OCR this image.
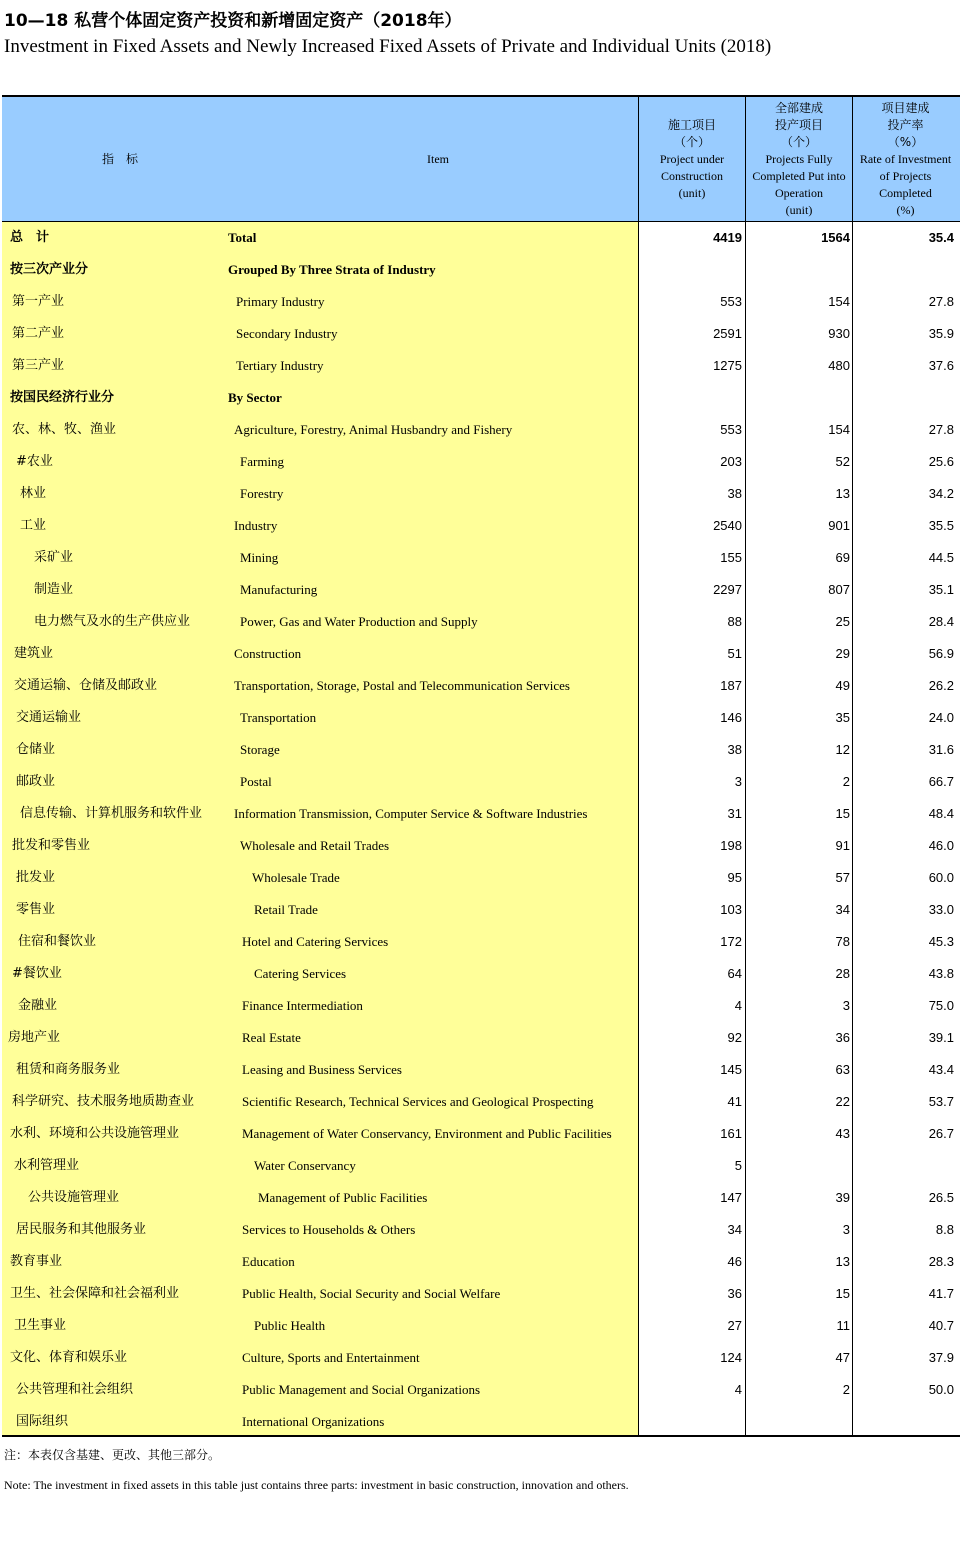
10—18 私营个体固定资产投资和新增固定资产（2018年）
Investment in Fixed Assets and Newly Increased Fixed Assets of Private and Individual Units (2018)
指　标	Item
施工项目
（个）
Project under
Construction
(unit)
全部建成
投产项目
（个）
Projects Fully
Completed Put into
Operation
(unit)
项目建成
投产率
（%）
Rate of Investment
of Projects
Completed
(%)
总　计	Total	4419	1564	35.4
按三次产业分	Grouped By Three Strata of Industry
第一产业	Primary Industry	553	154	27.8
第二产业	Secondary Industry	2591	930	35.9
第三产业	Tertiary Industry	1275	480	37.6
按国民经济行业分	By Sector
农、林、牧、渔业	Agriculture, Forestry, Animal Husbandry and Fishery	553	154	27.8
#农业	Farming	203	52	25.6
林业	Forestry	38	13	34.2
工业	Industry	2540	901	35.5
采矿业	Mining	155	69	44.5
制造业	Manufacturing	2297	807	35.1
电力燃气及水的生产供应业	Power, Gas and Water Production and Supply	88	25	28.4
建筑业	Construction	51	29	56.9
交通运输、仓储及邮政业	Transportation, Storage, Postal and Telecommunication Services	187	49	26.2
交通运输业	Transportation	146	35	24.0
仓储业	Storage	38	12	31.6
邮政业	Postal	3	2	66.7
信息传输、计算机服务和软件业 Information Transmission, Computer Service & Software Industries	31	15	48.4
批发和零售业	Wholesale and Retail Trades	198	91	46.0
批发业	Wholesale Trade	95	57	60.0
零售业	Retail Trade	103	34	33.0
住宿和餐饮业	Hotel and Catering Services	172	78	45.3
#餐饮业	Catering Services	64	28	43.8
金融业	Finance Intermediation	4	3	75.0
房地产业	Real Estate	92	36	39.1
租赁和商务服务业	Leasing and Business Services	145	63	43.4
科学研究、技术服务地质勘查业	Scientific Research, Technical Services and Geological Prospecting	41	22	53.7
水利、环境和公共设施管理业	Management of Water Conservancy, Environment and Public Facilities	161	43	26.7
水利管理业	Water Conservancy	5
公共设施管理业	Management of Public Facilities	147	39	26.5
居民服务和其他服务业	Services to Households & Others	34	3	8.8
教育事业	Education	46	13	28.3
卫生、社会保障和社会福利业	Public Health, Social Security and Social Welfare	36	15	41.7
卫生事业	Public Health	27	11	40.7
文化、体育和娱乐业	Culture, Sports and Entertainment	124	47	37.9
公共管理和社会组织	Public Management and Social Organizations	4	2	50.0
国际组织	International Organizations
注：本表仅含基建、更改、其他三部分。
Note: The investment in fixed assets in this table just contains three parts: investment in basic construction, innovation and others.
